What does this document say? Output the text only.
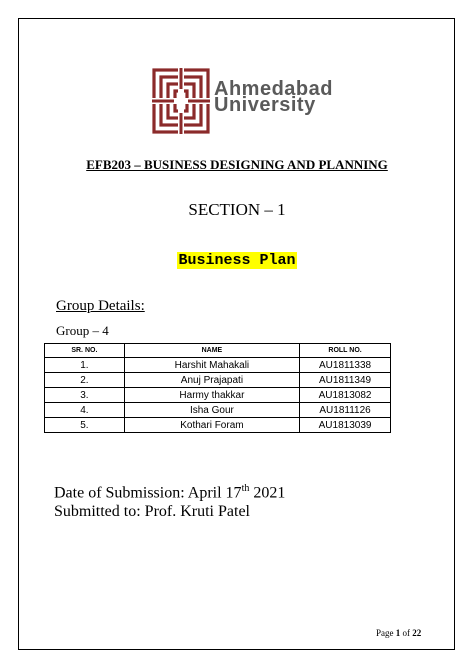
Ahmedabad
University
EFB203 – BUSINESS DESIGNING AND PLANNING
SECTION – 1
Business Plan
Group Details:
Group – 4
SR. NO.	NAME	ROLL NO.
1.	Harshit Mahakali	AU1811338
2.	Anuj Prajapati	AU1811349
3.	Harmy thakkar	AU1813082
4.	Isha Gour	AU1811126
5.	Kothari Foram	AU1813039
Date of Submission: April 17th 2021
Submitted to: Prof. Kruti Patel
Page 1 of 22
